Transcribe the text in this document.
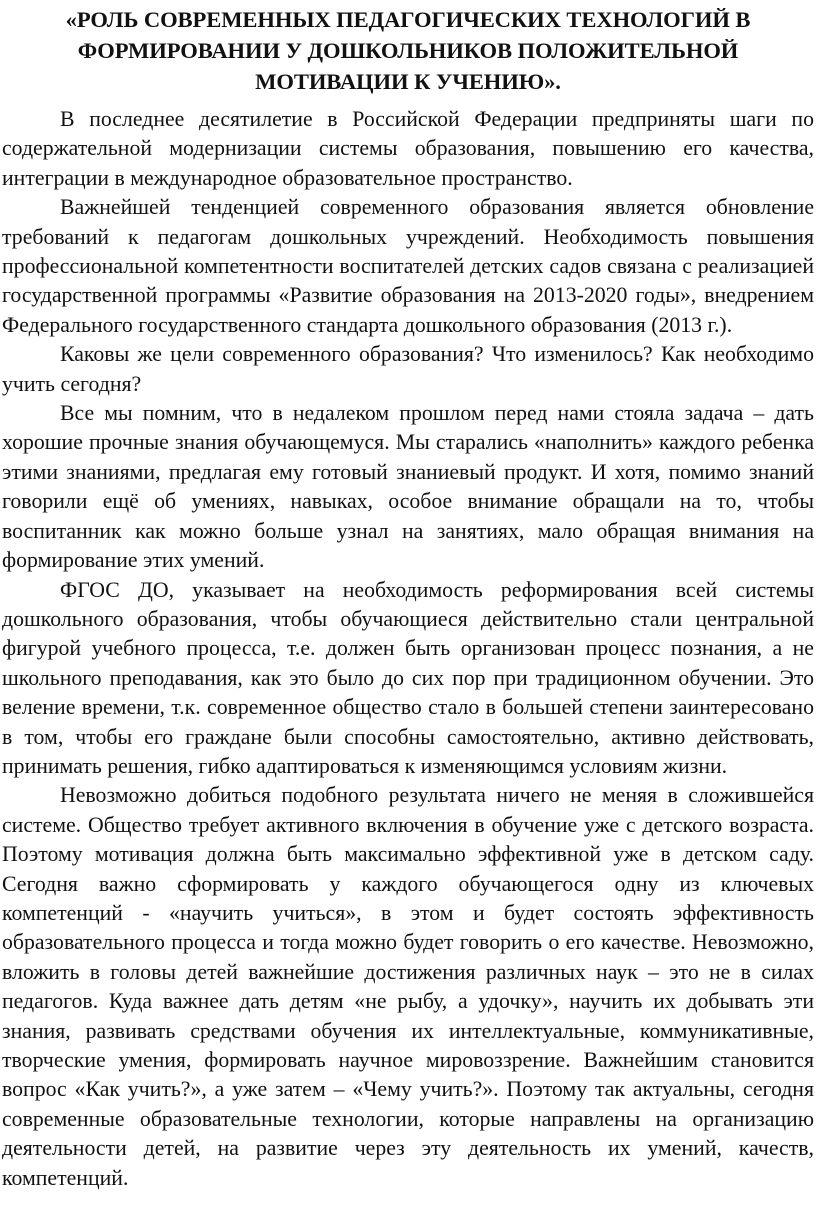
«РОЛЬ СОВРЕМЕННЫХ ПЕДАГОГИЧЕСКИХ ТЕХНОЛОГИЙ В ФОРМИРОВАНИИ У ДОШКОЛЬНИКОВ ПОЛОЖИТЕЛЬНОЙ МОТИВАЦИИ К УЧЕНИЮ».

В последнее десятилетие в Российской Федерации предприняты шаги по содержательной модернизации системы образования, повышению его качества, интеграции в международное образовательное пространство.

Важнейшей тенденцией современного образования является обновление требований к педагогам дошкольных учреждений. Необходимость повышения профессиональной компетентности воспитателей детских садов связана с реализацией государственной программы «Развитие образования на 2013-2020 годы», внедрением Федерального государственного стандарта дошкольного образования (2013 г.).

Каковы же цели современного образования? Что изменилось? Как необходимо учить сегодня?

Все мы помним, что в недалеком прошлом перед нами стояла задача – дать хорошие прочные знания обучающемуся. Мы старались «наполнить» каждого ребенка этими знаниями, предлагая ему готовый знаниевый продукт. И хотя, помимо знаний говорили ещё об умениях, навыках, особое внимание обращали на то, чтобы воспитанник как можно больше узнал на занятиях, мало обращая внимания на формирование этих умений.

ФГОС ДО, указывает на необходимость реформирования всей системы дошкольного образования, чтобы обучающиеся действительно стали центральной фигурой учебного процесса, т.е. должен быть организован процесс познания, а не школьного преподавания, как это было до сих пор при традиционном обучении. Это веление времени, т.к. современное общество стало в большей степени заинтересовано в том, чтобы его граждане были способны самостоятельно, активно действовать, принимать решения, гибко адаптироваться к изменяющимся условиям жизни.

Невозможно добиться подобного результата ничего не меняя в сложившейся системе. Общество требует активного включения в обучение уже с детского возраста. Поэтому мотивация должна быть максимально эффективной уже в детском саду. Сегодня важно сформировать у каждого обучающегося одну из ключевых компетенций - «научить учиться», в этом и будет состоять эффективность образовательного процесса и тогда можно будет говорить о его качестве. Невозможно, вложить в головы детей важнейшие достижения различных наук – это не в силах педагогов. Куда важнее дать детям «не рыбу, а удочку», научить их добывать эти знания, развивать средствами обучения их интеллектуальные, коммуникативные, творческие умения, формировать научное мировоззрение. Важнейшим становится вопрос «Как учить?», а уже затем – «Чему учить?». Поэтому так актуальны, сегодня современные образовательные технологии, которые направлены на организацию деятельности детей, на развитие через эту деятельность их умений, качеств, компетенций.
